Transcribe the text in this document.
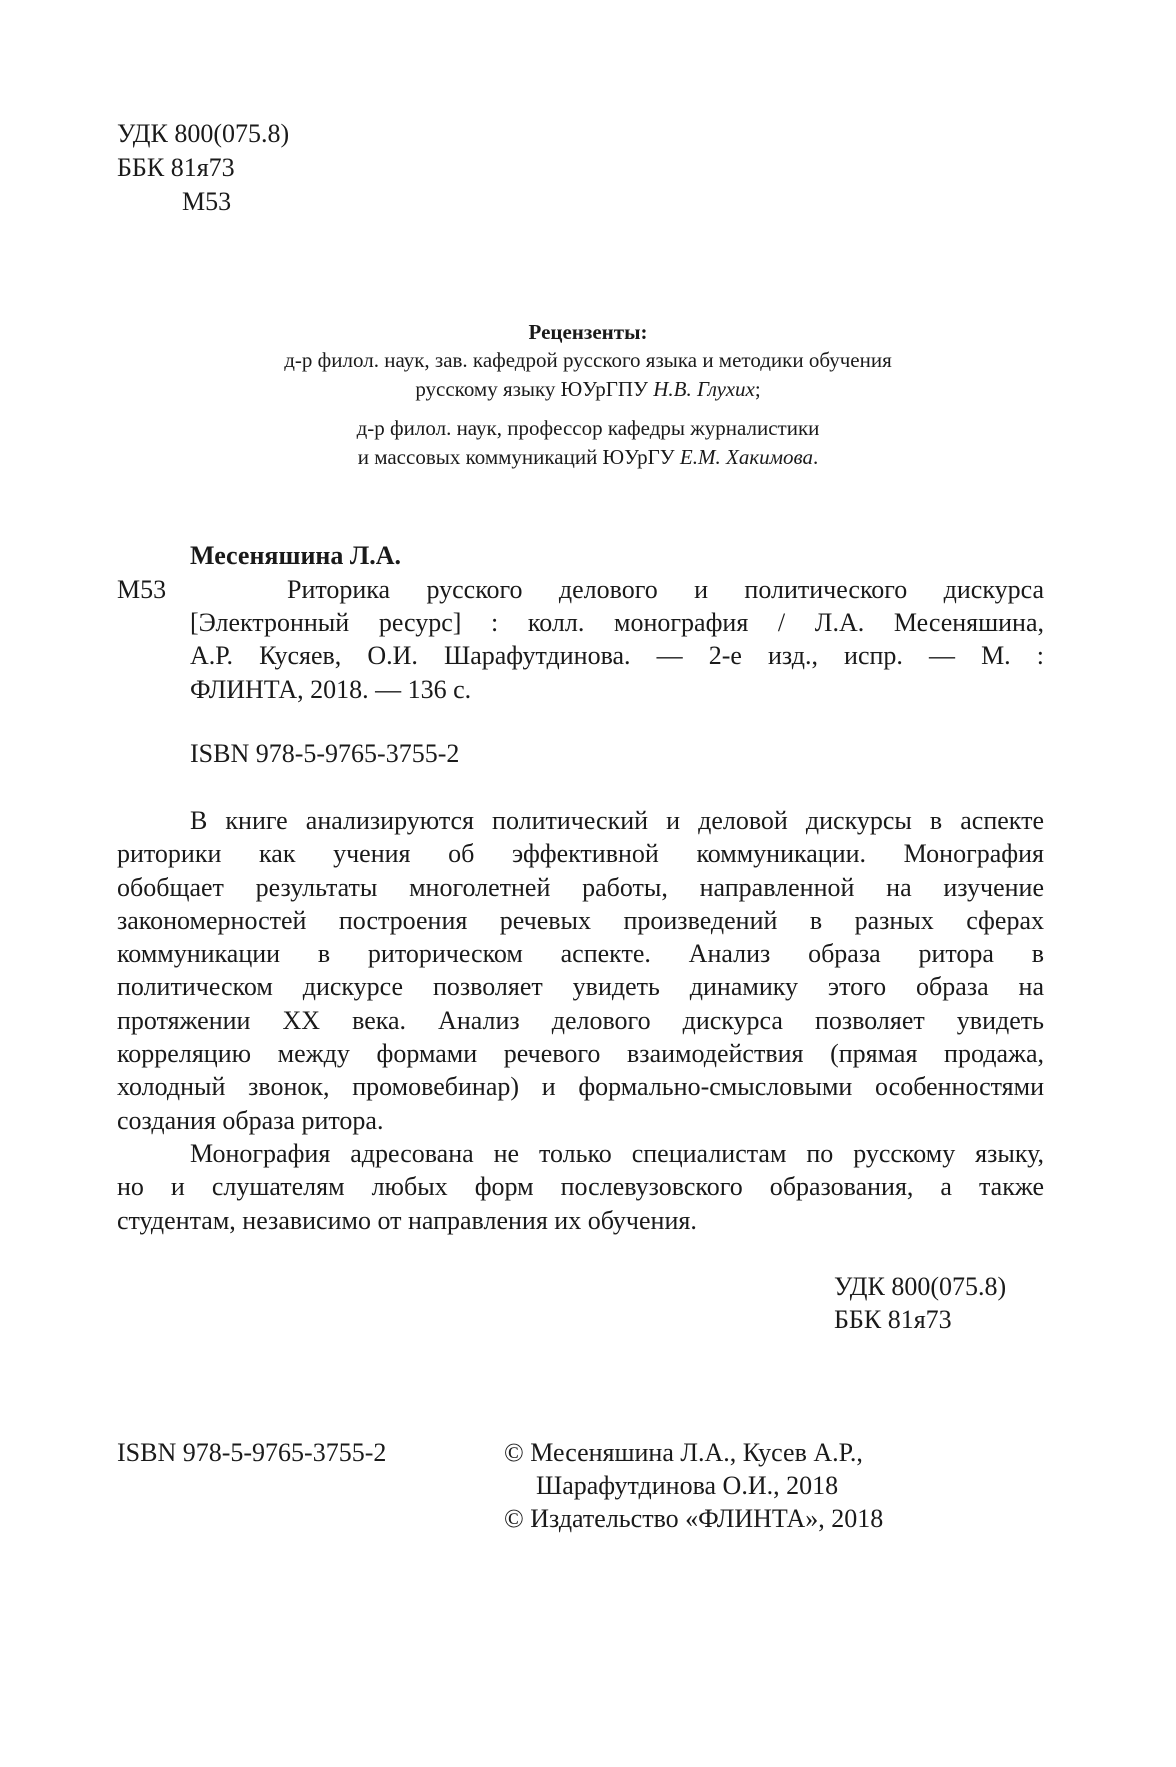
УДК 800(075.8)
ББК 81я73
М53
Рецензенты:
д-р филол. наук, зав. кафедрой русского языка и методики обучения
русскому языку ЮУрГПУ Н.В. Глухих;
д-р филол. наук, профессор кафедры журналистики
и массовых коммуникаций ЮУрГУ Е.М. Хакимова.
Месеняшина Л.А.
М53	Риторика русского делового и политического дискурса
[Электронный ресурс] : колл. монография / Л.А. Месеняшина,
А.Р. Кусяев, О.И. Шарафутдинова. — 2-е изд., испр. — М. :
ФЛИНТА, 2018. — 136 с.
ISBN 978-5-9765-3755-2
В книге анализируются политический и деловой дискурсы в аспекте
риторики как учения об эффективной коммуникации. Монография
обобщает результаты многолетней работы, направленной на изучение
закономерностей построения речевых произведений в разных сферах
коммуникации в риторическом аспекте. Анализ образа ритора в
политическом дискурсе позволяет увидеть динамику этого образа на
протяжении XX века. Анализ делового дискурса позволяет увидеть
корреляцию между формами речевого взаимодействия (прямая продажа,
холодный звонок, промовебинар) и формально-смысловыми особенностями
создания образа ритора.
Монография адресована не только специалистам по русскому языку,
но и слушателям любых форм послевузовского образования, а также
студентам, независимо от направления их обучения.
УДК 800(075.8)
ББК 81я73
ISBN 978-5-9765-3755-2	© Месеняшина Л.А., Кусев А.Р.,
Шарафутдинова О.И., 2018
© Издательство «ФЛИНТА», 2018
